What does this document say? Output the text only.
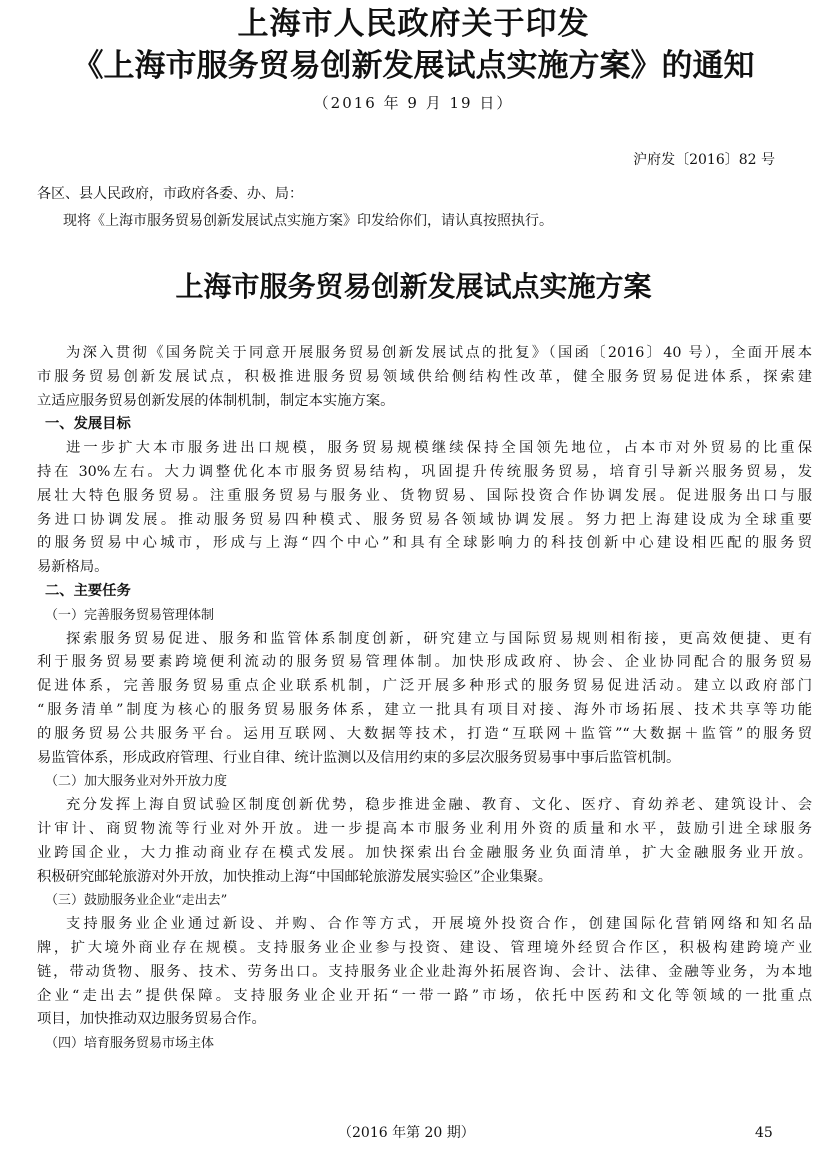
上海市人民政府关于印发
《上海市服务贸易创新发展试点实施方案》的通知
（2016 年 9 月 19 日）
沪府发〔2016〕82 号
各区、县人民政府，市政府各委、办、局：
现将《上海市服务贸易创新发展试点实施方案》印发给你们，请认真按照执行。
上海市服务贸易创新发展试点实施方案
为深入贯彻《国务院关于同意开展服务贸易创新发展试点的批复》（国函〔2016〕40 号），全面开展本
市服务贸易创新发展试点，积极推进服务贸易领域供给侧结构性改革，健全服务贸易促进体系，探索建
立适应服务贸易创新发展的体制机制，制定本实施方案。
一、发展目标
进一步扩大本市服务进出口规模，服务贸易规模继续保持全国领先地位，占本市对外贸易的比重保
持在 30%左右。大力调整优化本市服务贸易结构，巩固提升传统服务贸易，培育引导新兴服务贸易，发
展壮大特色服务贸易。注重服务贸易与服务业、货物贸易、国际投资合作协调发展。促进服务出口与服
务进口协调发展。推动服务贸易四种模式、服务贸易各领域协调发展。努力把上海建设成为全球重要
的服务贸易中心城市，形成与上海“四个中心”和具有全球影响力的科技创新中心建设相匹配的服务贸
易新格局。
二、主要任务
（一）完善服务贸易管理体制
探索服务贸易促进、服务和监管体系制度创新，研究建立与国际贸易规则相衔接，更高效便捷、更有
利于服务贸易要素跨境便利流动的服务贸易管理体制。加快形成政府、协会、企业协同配合的服务贸易
促进体系，完善服务贸易重点企业联系机制，广泛开展多种形式的服务贸易促进活动。建立以政府部门
“服务清单”制度为核心的服务贸易服务体系，建立一批具有项目对接、海外市场拓展、技术共享等功能
的服务贸易公共服务平台。运用互联网、大数据等技术，打造“互联网＋监管”“大数据＋监管”的服务贸
易监管体系，形成政府管理、行业自律、统计监测以及信用约束的多层次服务贸易事中事后监管机制。
（二）加大服务业对外开放力度
充分发挥上海自贸试验区制度创新优势，稳步推进金融、教育、文化、医疗、育幼养老、建筑设计、会
计审计、商贸物流等行业对外开放。进一步提高本市服务业利用外资的质量和水平，鼓励引进全球服务
业跨国企业，大力推动商业存在模式发展。加快探索出台金融服务业负面清单，扩大金融服务业开放。
积极研究邮轮旅游对外开放，加快推动上海“中国邮轮旅游发展实验区”企业集聚。
（三）鼓励服务业企业“走出去”
支持服务业企业通过新设、并购、合作等方式，开展境外投资合作，创建国际化营销网络和知名品
牌，扩大境外商业存在规模。支持服务业企业参与投资、建设、管理境外经贸合作区，积极构建跨境产业
链，带动货物、服务、技术、劳务出口。支持服务业企业赴海外拓展咨询、会计、法律、金融等业务，为本地
企业“走出去”提供保障。支持服务业企业开拓“一带一路”市场，依托中医药和文化等领域的一批重点
项目，加快推动双边服务贸易合作。
（四）培育服务贸易市场主体
（2016 年第 20 期）	45
